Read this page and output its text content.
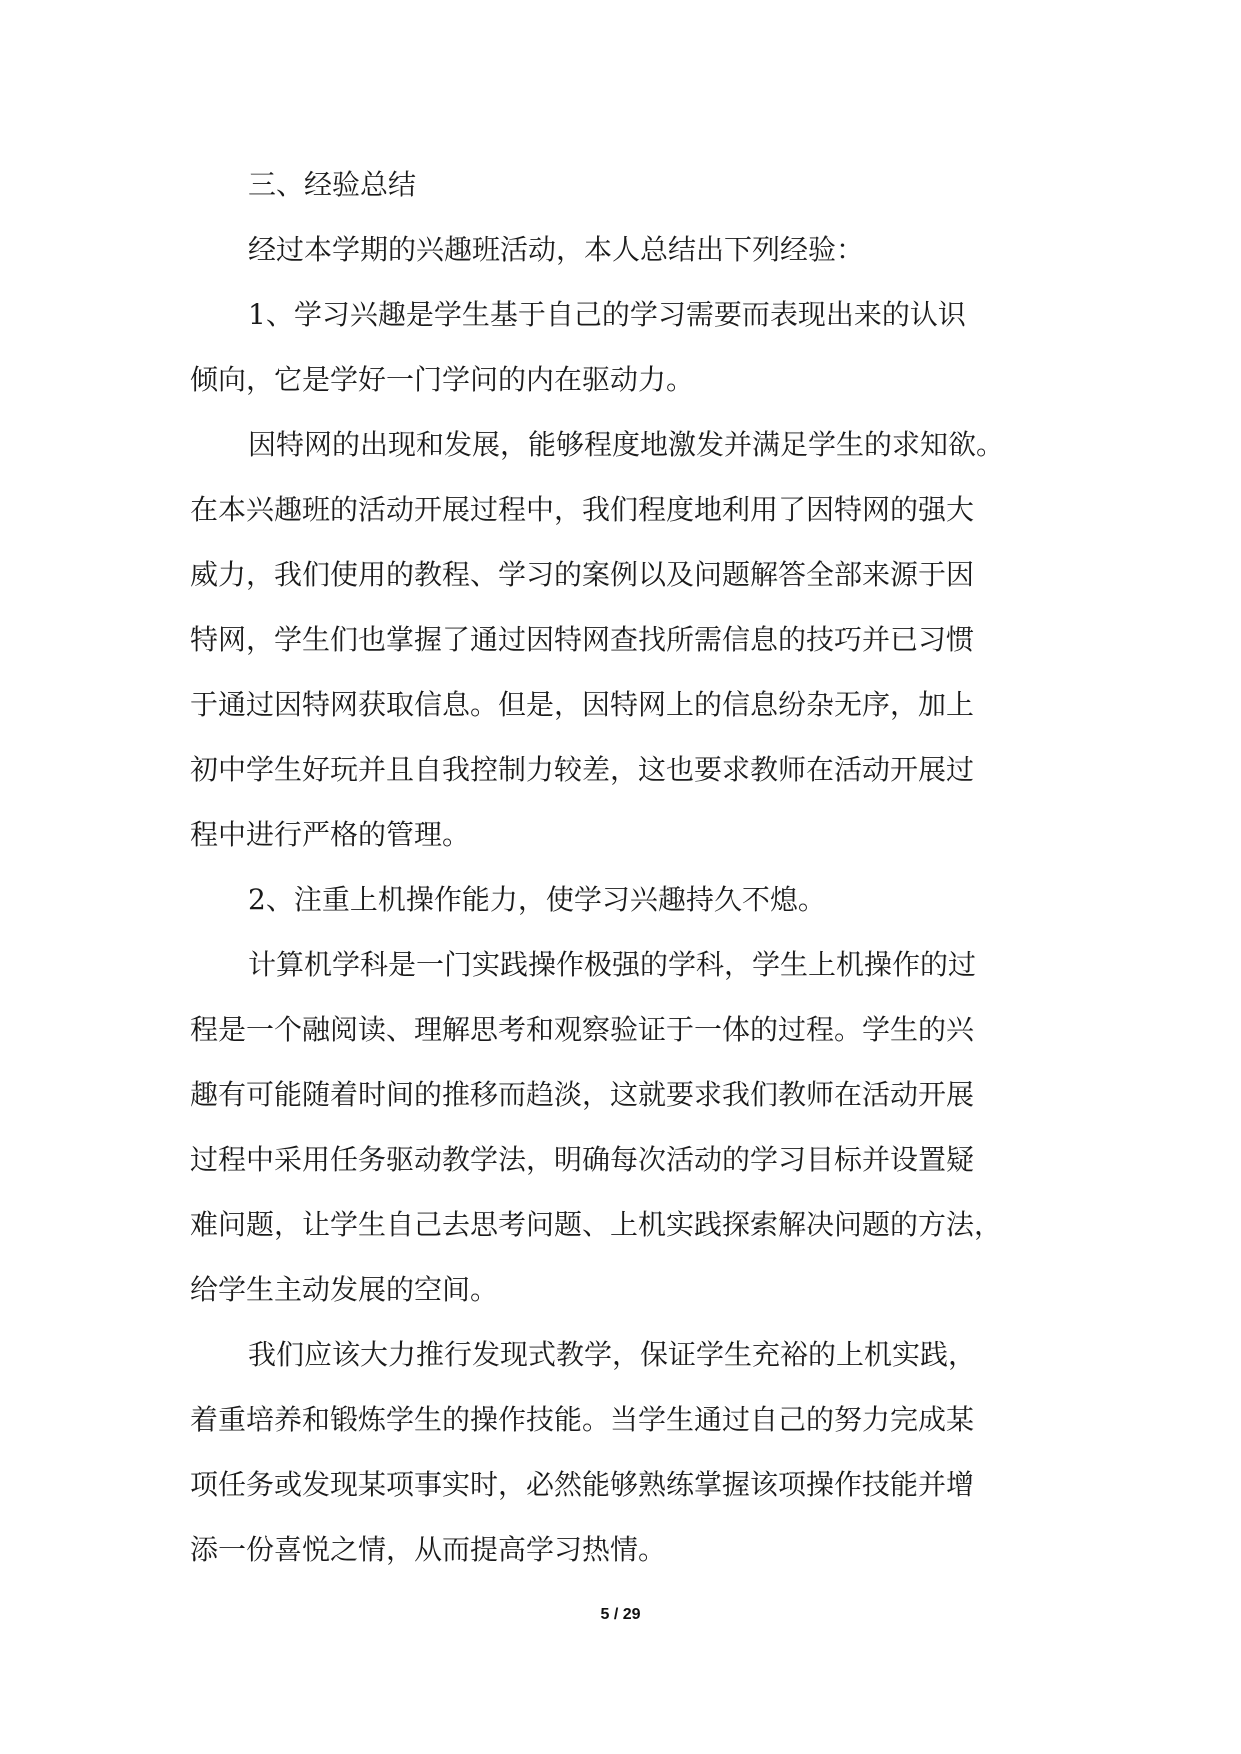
三、经验总结
经过本学期的兴趣班活动，本人总结出下列经验：
1、学习兴趣是学生基于自己的学习需要而表现出来的认识
倾向，它是学好一门学问的内在驱动力。
因特网的出现和发展，能够程度地激发并满足学生的求知欲。
在本兴趣班的活动开展过程中，我们程度地利用了因特网的强大
威力，我们使用的教程、学习的案例以及问题解答全部来源于因
特网，学生们也掌握了通过因特网查找所需信息的技巧并已习惯
于通过因特网获取信息。但是，因特网上的信息纷杂无序，加上
初中学生好玩并且自我控制力较差，这也要求教师在活动开展过
程中进行严格的管理。
2、注重上机操作能力，使学习兴趣持久不熄。
计算机学科是一门实践操作极强的学科，学生上机操作的过
程是一个融阅读、理解思考和观察验证于一体的过程。学生的兴
趣有可能随着时间的推移而趋淡，这就要求我们教师在活动开展
过程中采用任务驱动教学法，明确每次活动的学习目标并设置疑
难问题，让学生自己去思考问题、上机实践探索解决问题的方法，
给学生主动发展的空间。
我们应该大力推行发现式教学，保证学生充裕的上机实践，
着重培养和锻炼学生的操作技能。当学生通过自己的努力完成某
项任务或发现某项事实时，必然能够熟练掌握该项操作技能并增
添一份喜悦之情，从而提高学习热情。
5 / 29
